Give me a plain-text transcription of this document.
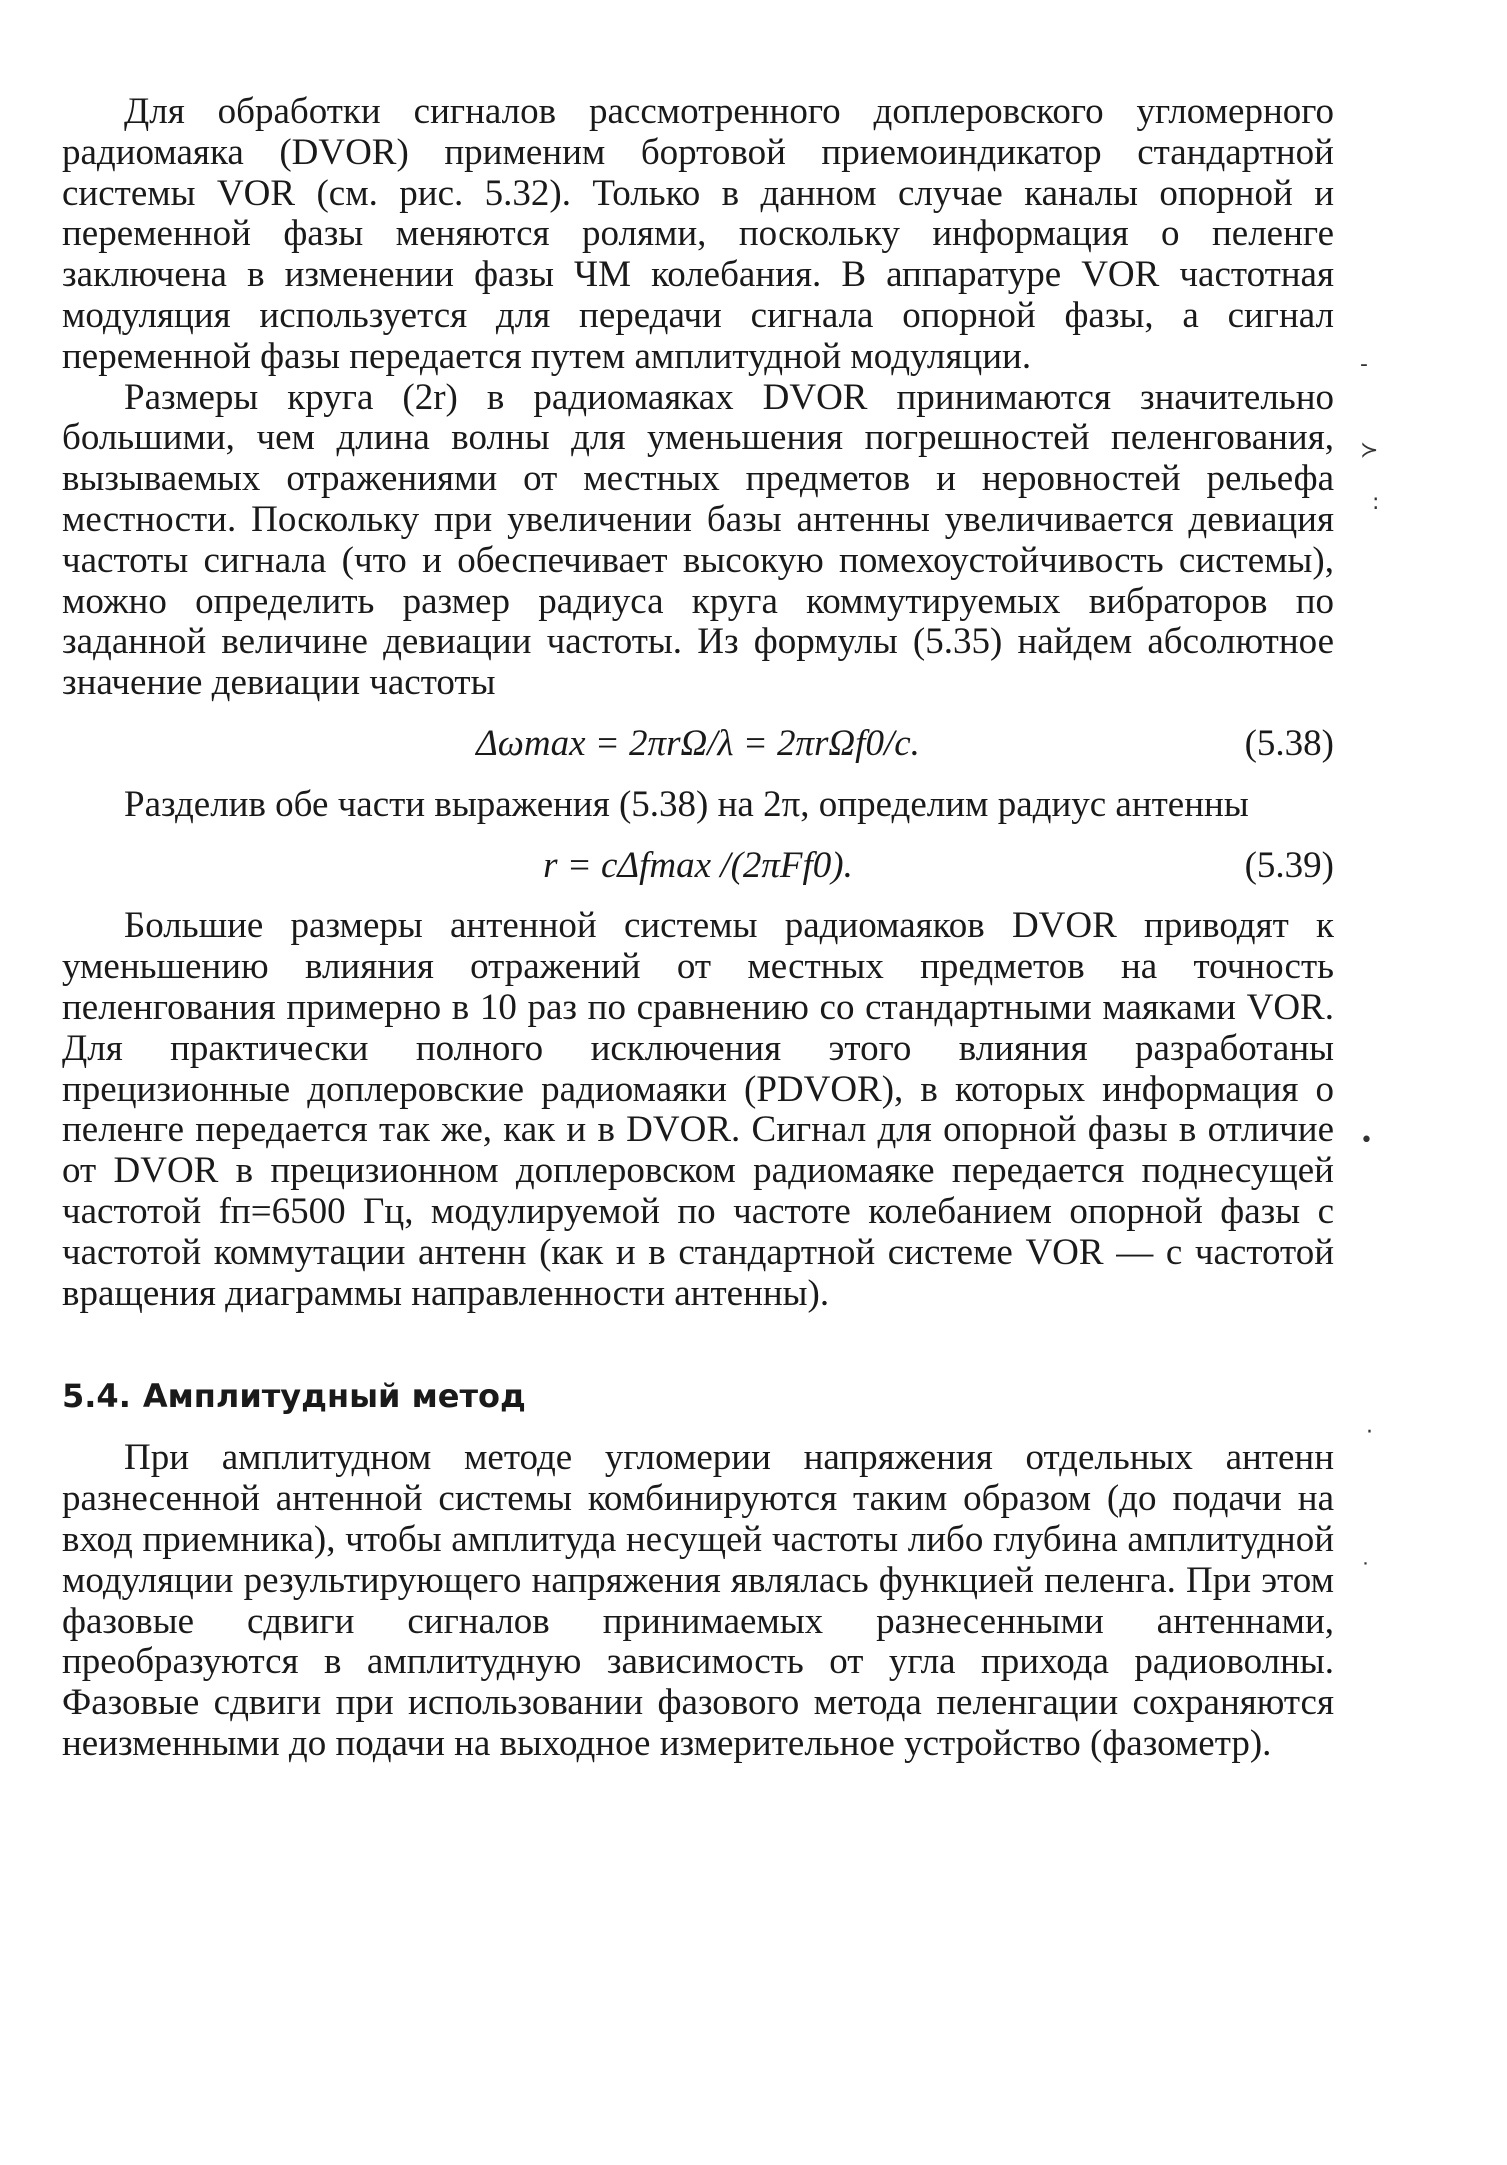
Для обработки сигналов рассмотренного доплеровского угломерного радиомаяка (DVOR) применим бортовой приемоиндикатор стандартной системы VOR (см. рис. 5.32). Только в данном случае каналы опорной и переменной фазы меняются ролями, поскольку информация о пеленге заключена в изменении фазы ЧМ колебания. В аппаратуре VOR частотная модуляция используется для передачи сигнала опорной фазы, а сигнал переменной фазы передается путем амплитудной модуляции.

Размеры круга (2r) в радиомаяках DVOR принимаются значительно большими, чем длина волны для уменьшения погрешностей пеленгования, вызываемых отражениями от местных предметов и неровностей рельефа местности. Поскольку при увеличении базы антенны увеличивается девиация частоты сигнала (что и обеспечивает высокую помехоустойчивость системы), можно определить размер радиуса круга коммутируемых вибраторов по заданной величине девиации частоты. Из формулы (5.35) найдем абсолютное значение девиации частоты

Δωmax = 2πrΩ/λ = 2πrΩf0/c.	(5.38)

Разделив обе части выражения (5.38) на 2π, определим радиус антенны

r = cΔfmax /(2πFf0).	(5.39)

Большие размеры антенной системы радиомаяков DVOR приводят к уменьшению влияния отражений от местных предметов на точность пеленгования примерно в 10 раз по сравнению со стандартными маяками VOR. Для практически полного исключения этого влияния разработаны прецизионные доплеровские радиомаяки (PDVOR), в которых информация о пеленге передается так же, как и в DVOR. Сигнал для опорной фазы в отличие от DVOR в прецизионном доплеровском радиомаяке передается поднесущей частотой fп=6500 Гц, модулируемой по частоте колебанием опорной фазы с частотой коммутации антенн (как и в стандартной системе VOR — с частотой вращения диаграммы направленности антенны).

5.4. Амплитудный метод

При амплитудном методе угломерии напряжения отдельных антенн разнесенной антенной системы комбинируются таким образом (до подачи на вход приемника), чтобы амплитуда несущей частоты либо глубина амплитудной модуляции результирующего напряжения являлась функцией пеленга. При этом фазовые сдвиги сигналов принимаемых разнесенными антеннами, преобразуются в амплитудную зависимость от угла прихода радиоволны. Фазовые сдвиги при использовании фазового метода пеленгации сохраняются неизменными до подачи на выходное измерительное устройство (фазометр).

‐
≻
:
•
·
˙
